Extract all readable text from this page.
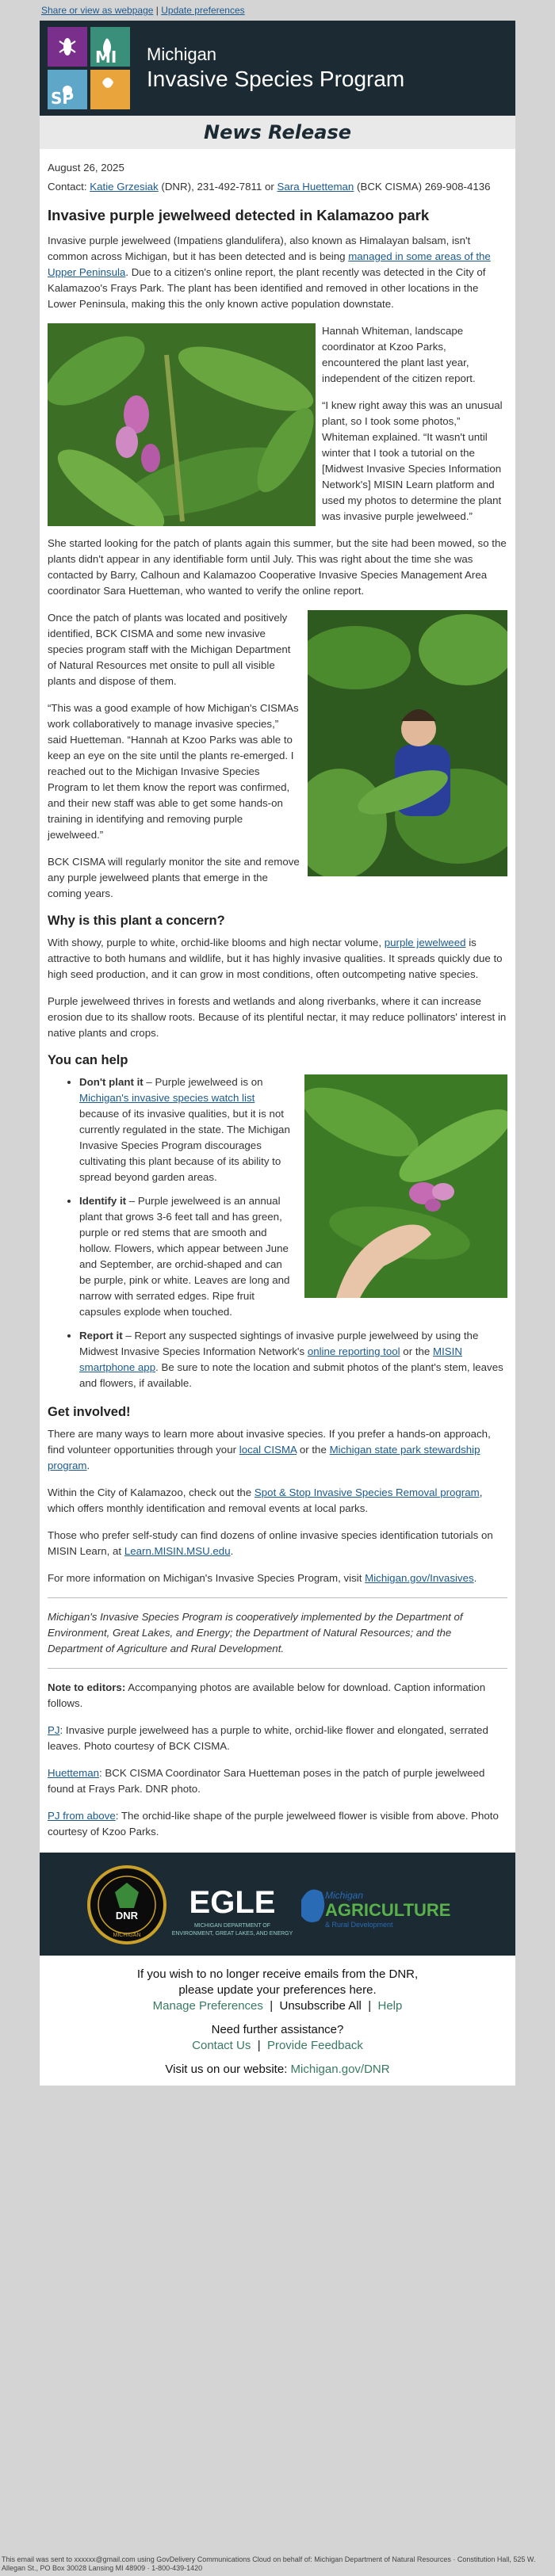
Share or view as webpage | Update preferences
MI
SP
Michigan
Invasive Species Program
News Release

August 26, 2025

Contact: Katie Grzesiak (DNR), 231-492-7811 or Sara Huetteman (BCK CISMA) 269-908-4136

Invasive purple jewelweed detected in Kalamazoo park

Invasive purple jewelweed (Impatiens glandulifera), also known as Himalayan balsam, isn't common across Michigan, but it has been detected and is being managed in some areas of the Upper Peninsula. Due to a citizen's online report, the plant recently was detected in the City of Kalamazoo's Frays Park. The plant has been identified and removed in other locations in the Lower Peninsula, making this the only known active population downstate.

Hannah Whiteman, landscape coordinator at Kzoo Parks, encountered the plant last year, independent of the citizen report.

“I knew right away this was an unusual plant, so I took some photos,” Whiteman explained. “It wasn't until winter that I took a tutorial on the [Midwest Invasive Species Information Network's] MISIN Learn platform and used my photos to determine the plant was invasive purple jewelweed.”

She started looking for the patch of plants again this summer, but the site had been mowed, so the plants didn't appear in any identifiable form until July. This was right about the time she was contacted by Barry, Calhoun and Kalamazoo Cooperative Invasive Species Management Area coordinator Sara Huetteman, who wanted to verify the online report.

Once the patch of plants was located and positively identified, BCK CISMA and some new invasive species program staff with the Michigan Department of Natural Resources met onsite to pull all visible plants and dispose of them.

“This was a good example of how Michigan's CISMAs work collaboratively to manage invasive species,” said Huetteman. “Hannah at Kzoo Parks was able to keep an eye on the site until the plants re-emerged. I reached out to the Michigan Invasive Species Program to let them know the report was confirmed, and their new staff was able to get some hands-on training in identifying and removing purple jewelweed.”

BCK CISMA will regularly monitor the site and remove any purple jewelweed plants that emerge in the coming years.

Why is this plant a concern?

With showy, purple to white, orchid-like blooms and high nectar volume, purple jewelweed is attractive to both humans and wildlife, but it has highly invasive qualities. It spreads quickly due to high seed production, and it can grow in most conditions, often outcompeting native species.

Purple jewelweed thrives in forests and wetlands and along riverbanks, where it can increase erosion due to its shallow roots. Because of its plentiful nectar, it may reduce pollinators' interest in native plants and crops.

You can help
• Don't plant it – Purple jewelweed is on Michigan's invasive species watch list because of its invasive qualities, but it is not currently regulated in the state. The Michigan Invasive Species Program discourages cultivating this plant because of its ability to spread beyond garden areas.
• Identify it – Purple jewelweed is an annual plant that grows 3-6 feet tall and has green, purple or red stems that are smooth and hollow. Flowers, which appear between June and September, are orchid-shaped and can be purple, pink or white. Leaves are long and narrow with serrated edges. Ripe fruit capsules explode when touched.
• Report it – Report any suspected sightings of invasive purple jewelweed by using the Midwest Invasive Species Information Network's online reporting tool or the MISIN smartphone app. Be sure to note the location and submit photos of the plant's stem, leaves and flowers, if available.
Get involved!

There are many ways to learn more about invasive species. If you prefer a hands-on approach, find volunteer opportunities through your local CISMA or the Michigan state park stewardship program.

Within the City of Kalamazoo, check out the Spot & Stop Invasive Species Removal program, which offers monthly identification and removal events at local parks.

Those who prefer self-study can find dozens of online invasive species identification tutorials on MISIN Learn, at Learn.MISIN.MSU.edu.

For more information on Michigan's Invasive Species Program, visit Michigan.gov/Invasives.

Michigan's Invasive Species Program is cooperatively implemented by the Department of Environment, Great Lakes, and Energy; the Department of Natural Resources; and the Department of Agriculture and Rural Development.

Note to editors: Accompanying photos are available below for download. Caption information follows.

PJ: Invasive purple jewelweed has a purple to white, orchid-like flower and elongated, serrated leaves. Photo courtesy of BCK CISMA.

Huetteman: BCK CISMA Coordinator Sara Huetteman poses in the patch of purple jewelweed found at Frays Park. DNR photo.

PJ from above: The orchid-like shape of the purple jewelweed flower is visible from above. Photo courtesy of Kzoo Parks.

DNR
MICHIGAN
EGLE
MICHIGAN DEPARTMENT OF
ENVIRONMENT, GREAT LAKES, AND ENERGY
Michigan
AGRICULTURE
& Rural Development
If you wish to no longer receive emails from the DNR,
please update your preferences here.
Manage Preferences | Unsubscribe All | Help
Need further assistance?
Contact Us | Provide Feedback
Visit us on our website: Michigan.gov/DNR
This email was sent to xxxxxx@gmail.com using GovDelivery Communications Cloud on behalf of: Michigan Department of Natural Resources · Constitution Hall, 525 W. Allegan St., PO Box 30028 Lansing MI 48909 · 1-800-439-1420
